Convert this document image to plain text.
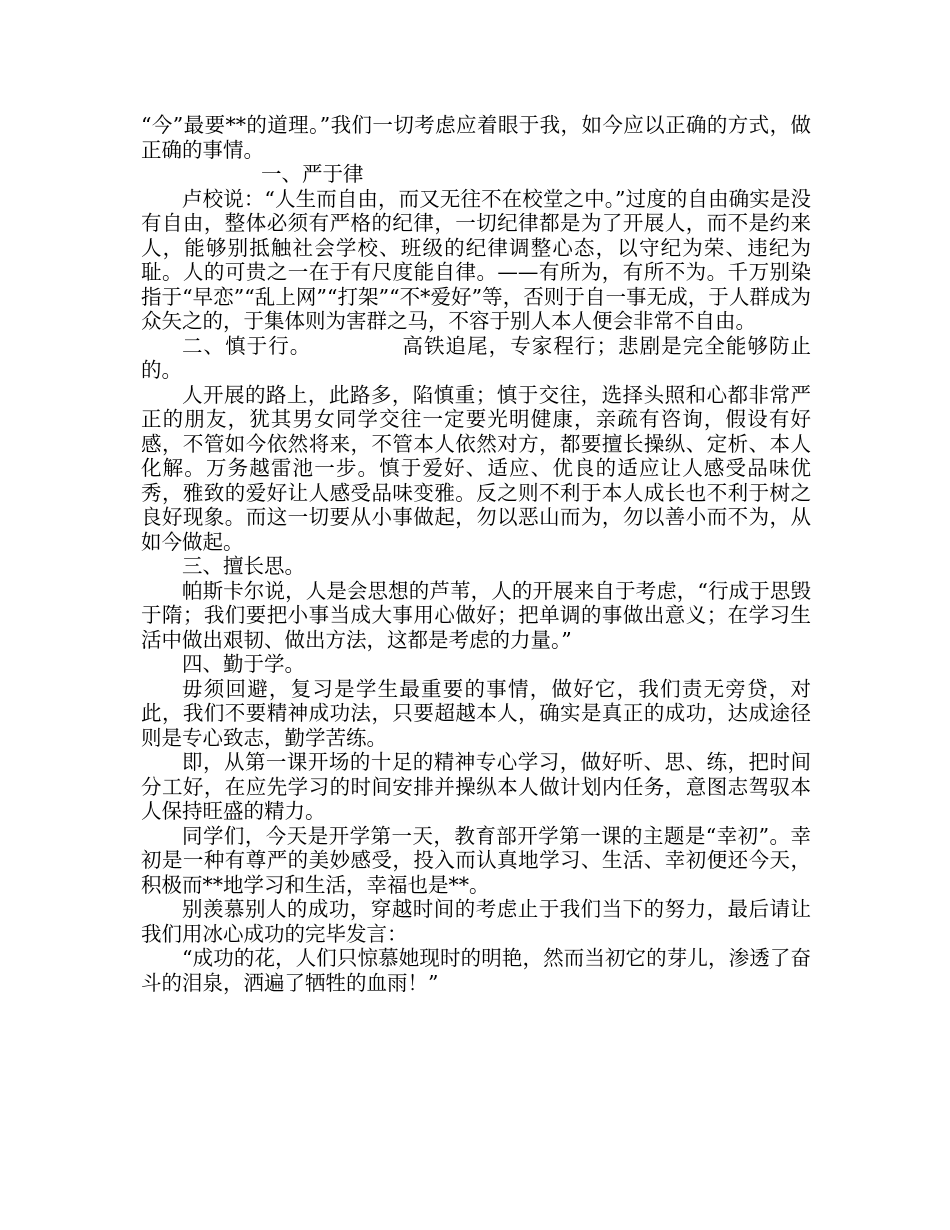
“今”最要**的道理。”我们一切考虑应着眼于我，如今应以正确的方式，做正确的事情。

一、严于律

卢校说：“人生而自由，而又无往不在校堂之中。”过度的自由确实是没有自由，整体必须有严格的纪律，一切纪律都是为了开展人，而不是约来人，能够别抵触社会学校、班级的纪律调整心态，以守纪为荣、违纪为耻。人的可贵之一在于有尺度能自律。——有所为，有所不为。千万别染指于“早恋”“乱上网”“打架”“不*爱好”等，否则于自一事无成，于人群成为众矢之的，于集体则为害群之马，不容于别人本人便会非常不自由。

二、慎于行。	高铁追尾，专家程行；悲剧是完全能够防止的。

人开展的路上，此路多，陷慎重；慎于交往，选择头照和心都非常严正的朋友，犹其男女同学交往一定要光明健康，亲疏有咨询，假设有好感，不管如今依然将来，不管本人依然对方，都要擅长操纵、定析、本人化解。万务越雷池一步。慎于爱好、适应、优良的适应让人感受品味优秀，雅致的爱好让人感受品味变雅。反之则不利于本人成长也不利于树之良好现象。而这一切要从小事做起，勿以恶山而为，勿以善小而不为，从如今做起。

三、擅长思。

帕斯卡尔说，人是会思想的芦苇，人的开展来自于考虑，“行成于思毁于隋；我们要把小事当成大事用心做好；把单调的事做出意义；在学习生活中做出艰韧、做出方法，这都是考虑的力量。”

四、勤于学。

毋须回避，复习是学生最重要的事情，做好它，我们责无旁贷，对此，我们不要精神成功法，只要超越本人，确实是真正的成功，达成途径则是专心致志，勤学苦练。

即，从第一课开场的十足的精神专心学习，做好听、思、练，把时间分工好，在应先学习的时间安排并操纵本人做计划内任务，意图志驾驭本人保持旺盛的精力。

同学们，今天是开学第一天，教育部开学第一课的主题是“幸初”。幸初是一种有尊严的美妙感受，投入而认真地学习、生活、幸初便还今天，积极而**地学习和生活，幸福也是**。

别羡慕别人的成功，穿越时间的考虑止于我们当下的努力，最后请让我们用冰心成功的完毕发言：

“成功的花，人们只惊慕她现时的明艳，然而当初它的芽儿，渗透了奋斗的泪泉，洒遍了牺牲的血雨！”
